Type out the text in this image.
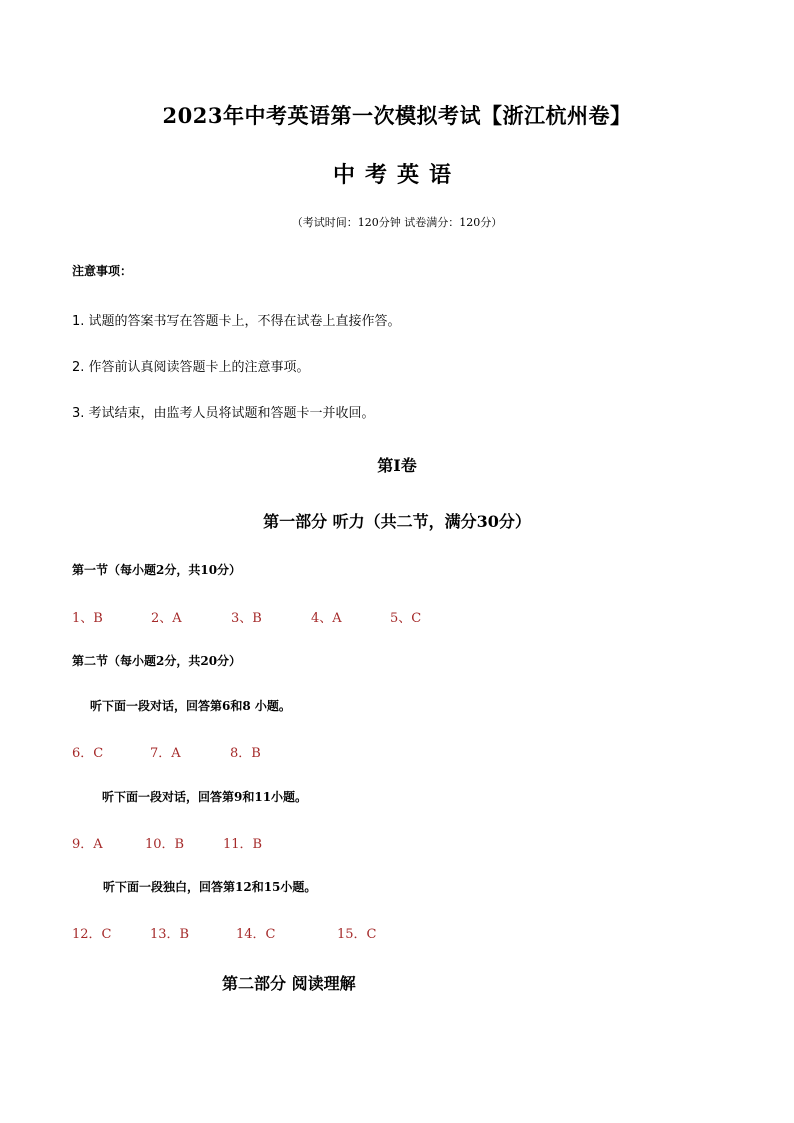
2023年中考英语第一次模拟考试【浙江杭州卷】
中考英语
（考试时间：120分钟 试卷满分：120分）
注意事项：
1. 试题的答案书写在答题卡上，不得在试卷上直接作答。
2. 作答前认真阅读答题卡上的注意事项。
3. 考试结束，由监考人员将试题和答题卡一并收回。
第I卷
第一部分 听力（共二节，满分30分）
第一节（每小题2分，共10分）
1、B	2、A	3、B	4、A	5、C
第二节（每小题2分，共20分）
听下面一段对话，回答第6和8 小题。
6．C	7．A	8．B
听下面一段对话，回答第9和11小题。
9．A	10．B	11．B
听下面一段独白，回答第12和15小题。
12．C	13．B	14．C	15．C
第二部分 阅读理解
